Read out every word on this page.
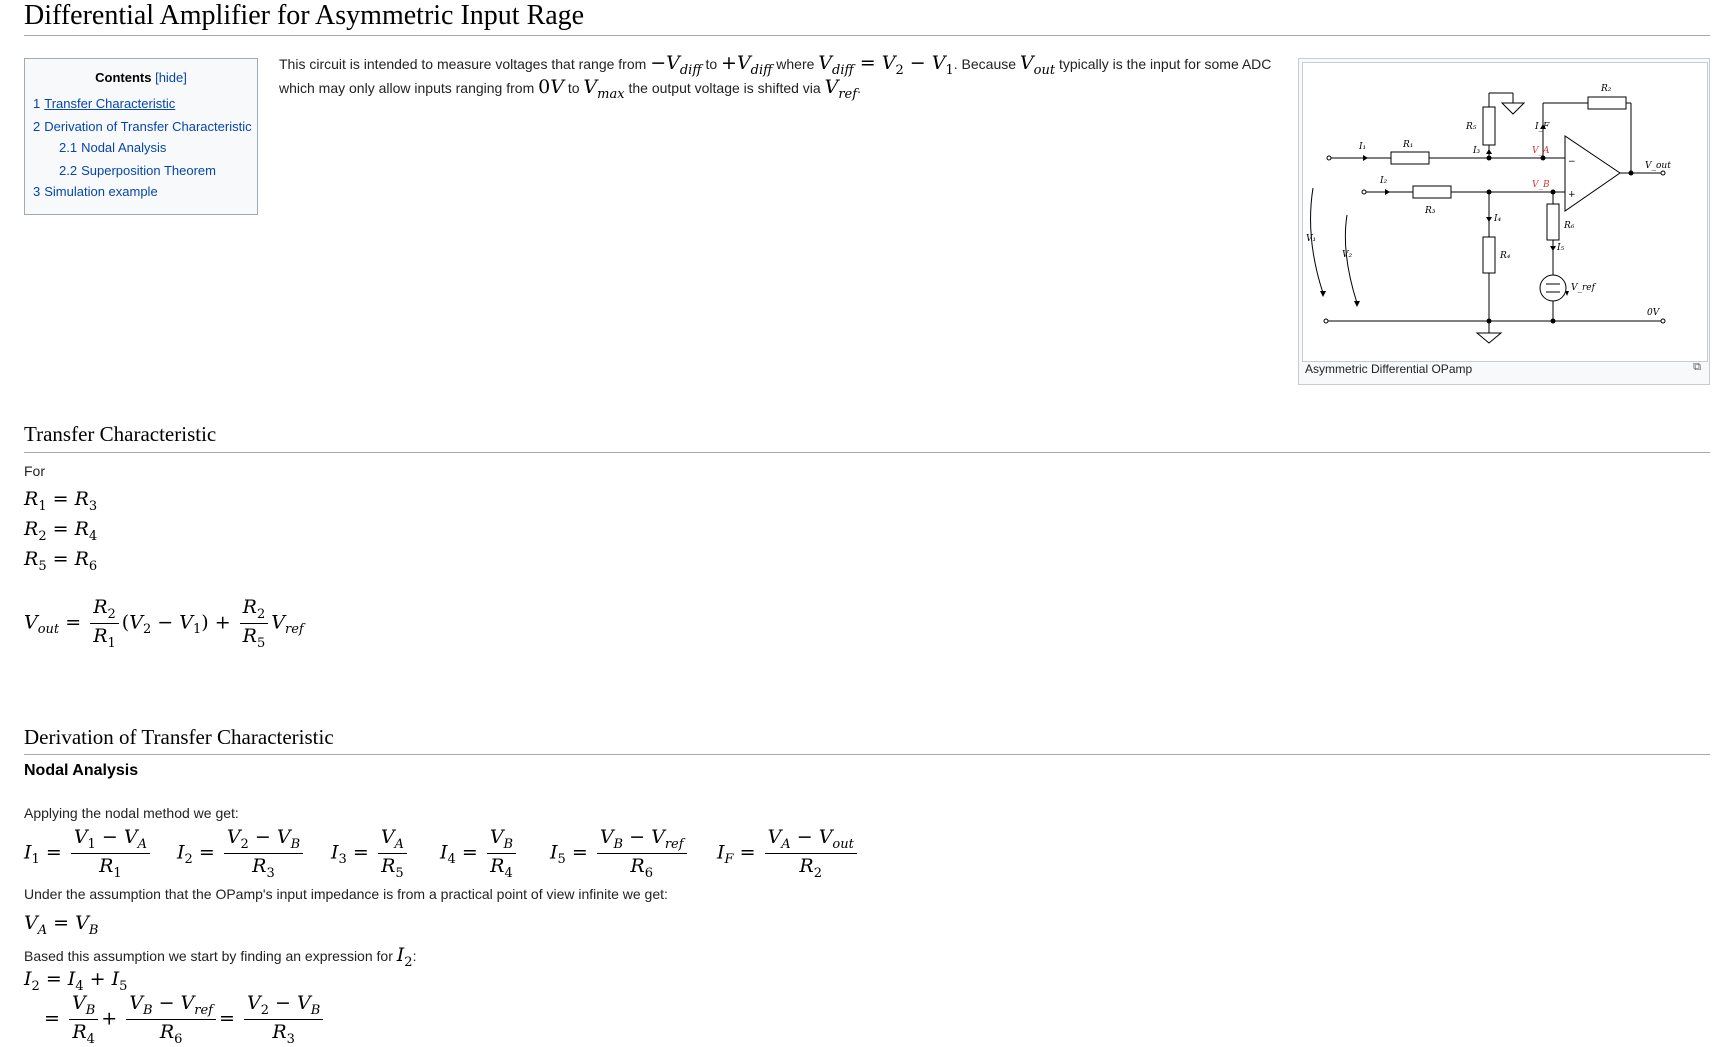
Differential Amplifier for Asymmetric Input Rage
Contents [hide]
1 Transfer Characteristic
2 Derivation of Transfer Characteristic
2.1 Nodal Analysis
2.2 Superposition Theorem
3 Simulation example
This circuit is intended to measure voltages that range from $-V_{diff}$ to $+V_{diff}$ where $V_{diff} = V_2 - V_1$. Because $V_{out}$ typically is the input for some ADC
which may only allow inputs ranging from 0V to $V_{max}$ the output voltage is shifted via $V_{ref}$.
R₁
R₂
R₃
R₄
R₅
R₆
I₁
I₂
I₃
I₄
I₅
I_F
V_A
V_B
V₁
V₂
V_out
V_ref
0V
−
+
Asymmetric Differential OPamp	⧉
Transfer Characteristic
For
$R_1 = R_3$
$R_2 = R_4$
$R_5 = R_6$
$V_{out} = \frac{R_2}{R_1} (V_2 - V_1) + \frac{R_2}{R_5} V_{ref}$
Derivation of Transfer Characteristic
Nodal Analysis
Applying the nodal method we get:
$I_1 = \frac{V_1 - V_A}{R_1} I_2 = \frac{V_2 - V_B}{R_3} I_3 = \frac{V_A}{R_5} I_4 = \frac{V_B}{R_4} I_5 = \frac{V_B - V_{ref}}{R_6} I_F = \frac{V_A - V_{out}}{R_2}$
Under the assumption that the OPamp's input impedance is from a practical point of view infinite we get:
$V_A = V_B$
Based this assumption we start by finding an expression for $I_2$:
$I_2 = I_4 + I_5$
= $\frac{V_B}{R_4} + \frac{V_B - V_{ref}}{R_6} = \frac{V_2 - V_B}{R_3}$
